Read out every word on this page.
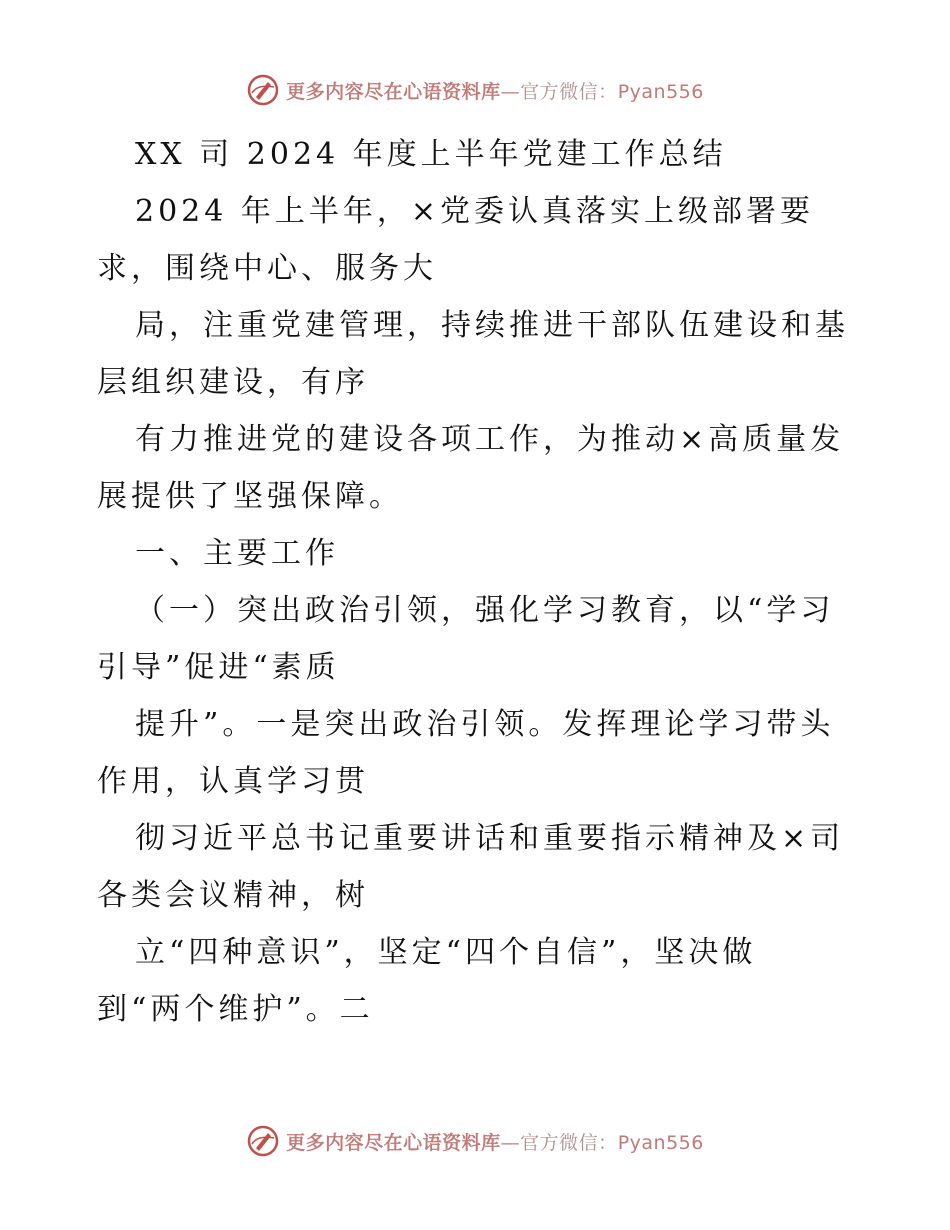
更多内容尽在心语资料库—官方微信：Pyan556
XX 司 2024 年度上半年党建工作总结
2024 年上半年，×党委认真落实上级部署要
求，围绕中心、服务大
局，注重党建管理，持续推进干部队伍建设和基
层组织建设，有序
有力推进党的建设各项工作，为推动×高质量发
展提供了坚强保障。
一、主要工作
（一）突出政治引领，强化学习教育，以“学习
引导”促进“素质
提升”。一是突出政治引领。发挥理论学习带头
作用，认真学习贯
彻习近平总书记重要讲话和重要指示精神及×司
各类会议精神，树
立“四种意识”，坚定“四个自信”，坚决做
到“两个维护”。二
更多内容尽在心语资料库—官方微信：Pyan556
